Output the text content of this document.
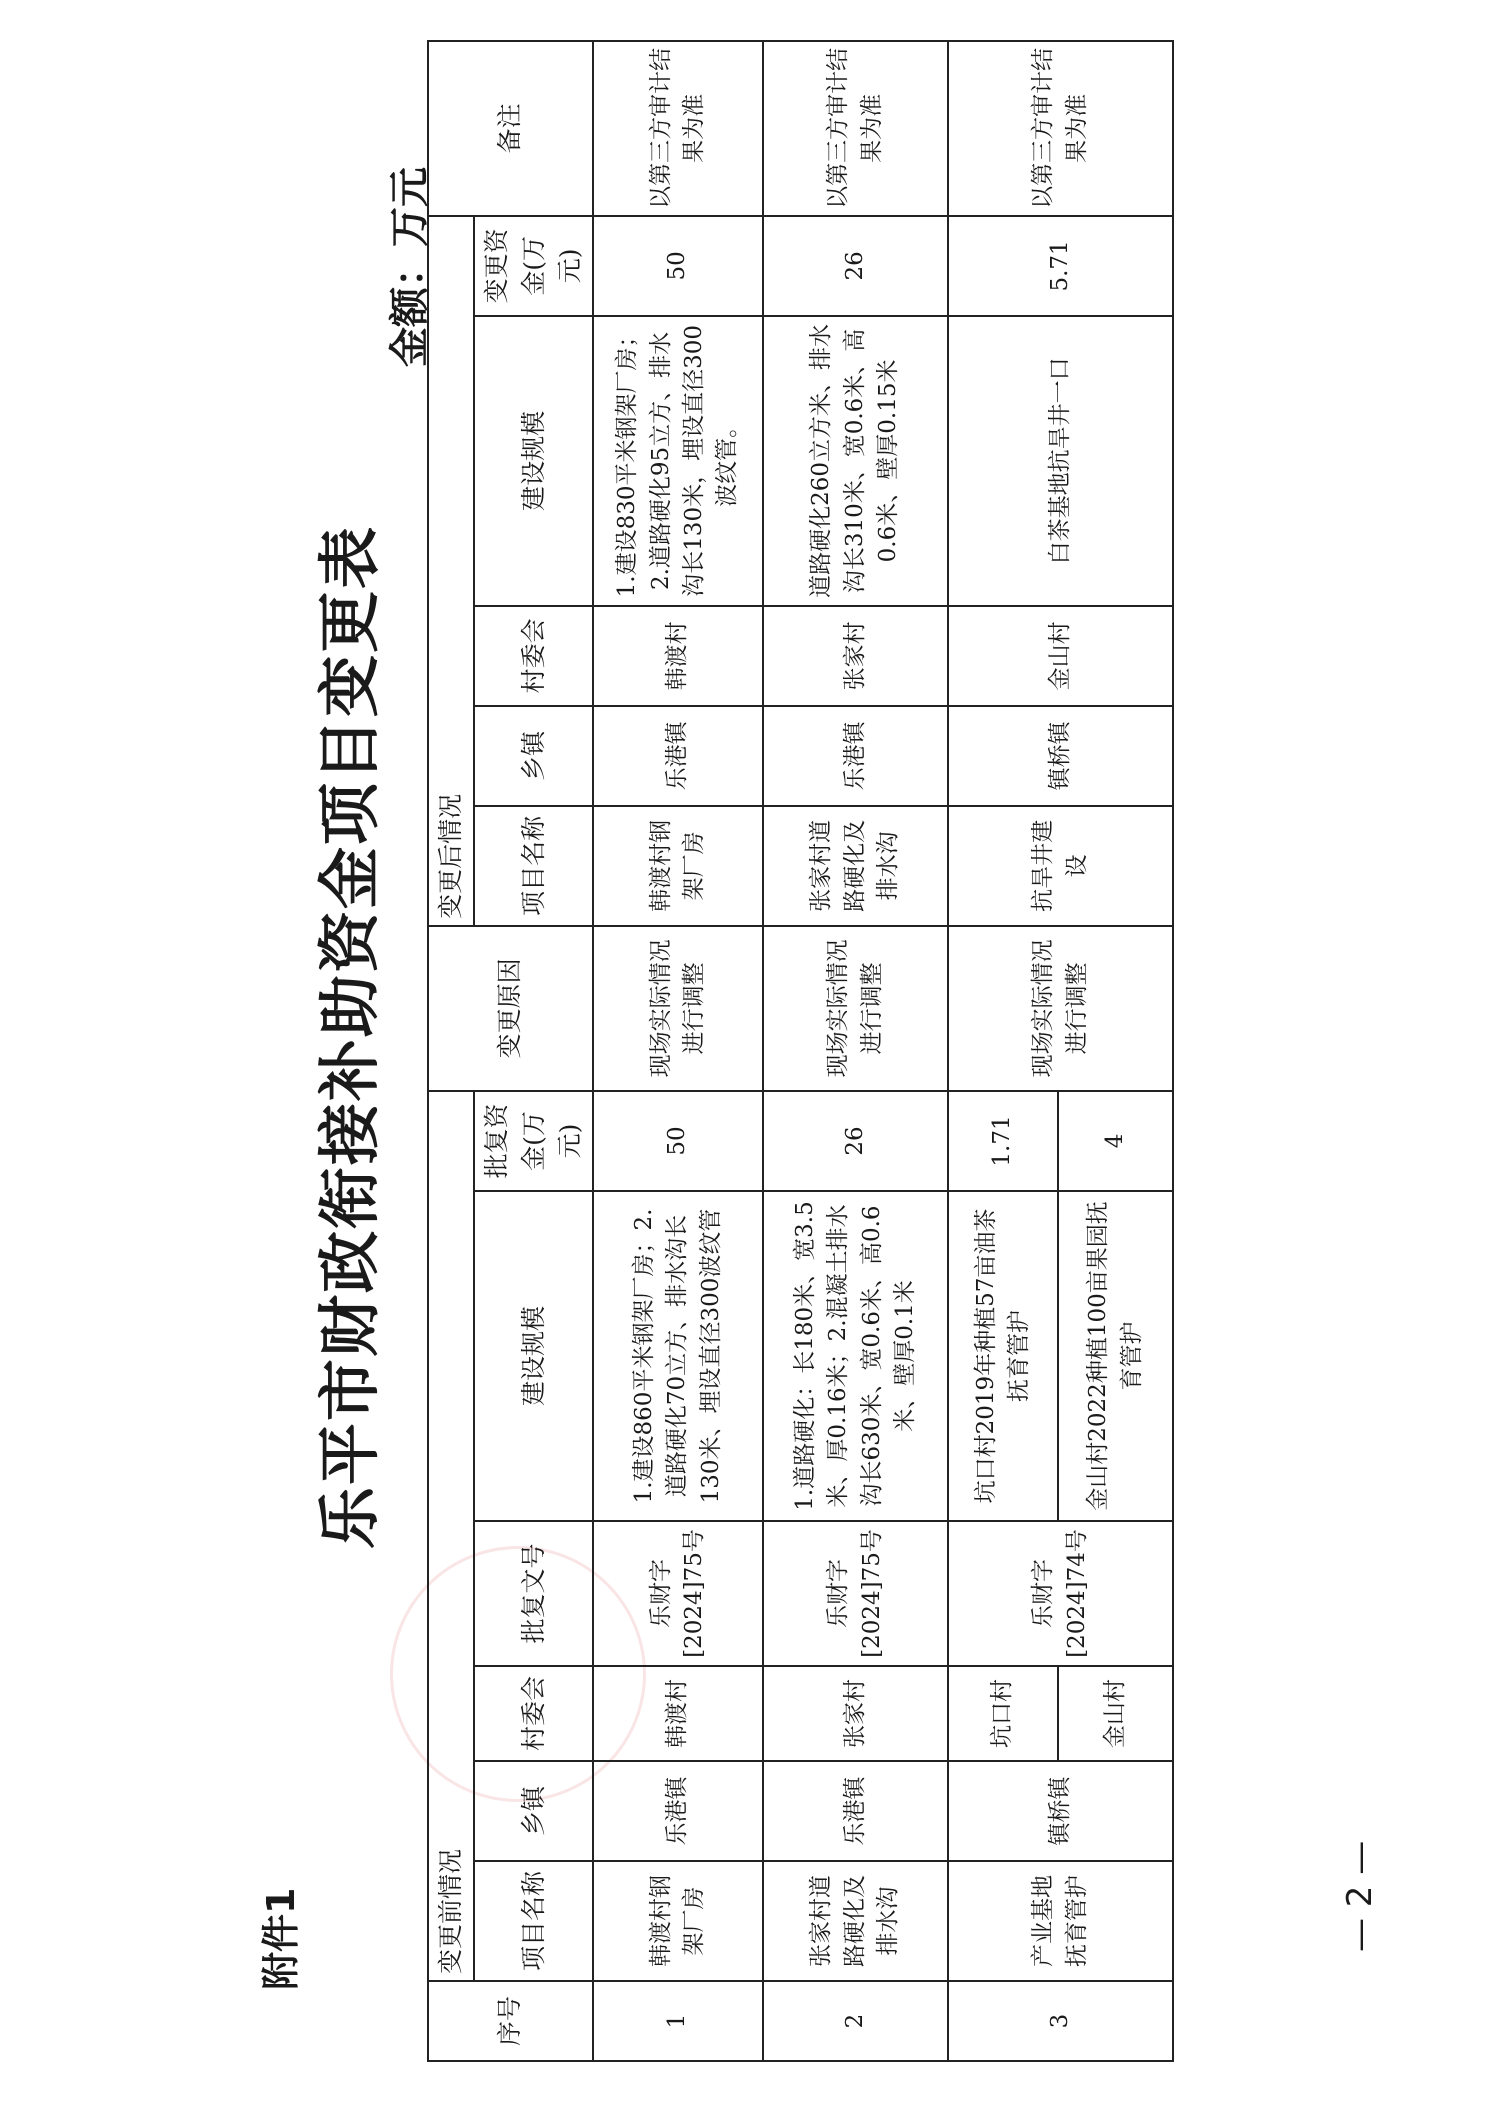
附件1
乐平市财政衔接补助资金项目变更表
金额：万元
序号	变更前情况						变更原因	变更后情况					备注
	项目名称	乡镇	村委会	批复文号	建设规模	批复资金(万元)		项目名称	乡镇	村委会	建设规模	变更资金(万元)	
1	韩渡村钢架厂房	乐港镇	韩渡村	乐财字[2024]75号	1.建设860平米钢架厂房；2.道路硬化70立方、排水沟长130米、埋设直径300波纹管	50	现场实际情况进行调整	韩渡村钢架厂房	乐港镇	韩渡村	1.建设830平米钢架厂房；2.道路硬化95立方、排水沟长130米，埋设直径300波纹管。	50	以第三方审计结果为准
2	张家村道路硬化及排水沟	乐港镇	张家村	乐财字[2024]75号	1.道路硬化：长180米、宽3.5米、厚0.16米；2.混凝土排水沟长630米、宽0.6米、高0.6米、壁厚0.1米	26	现场实际情况进行调整	张家村道路硬化及排水沟	乐港镇	张家村	道路硬化260立方米、排水沟长310米、宽0.6米、高0.6米、壁厚0.15米	26	以第三方审计结果为准
3	产业基地抚育管护	镇桥镇	坑口村	乐财字[2024]74号	坑口村2019年种植57亩油茶抚育管护	1.71	现场实际情况进行调整	抗旱井建设	镇桥镇	金山村	白茶基地抗旱井一口	5.71	以第三方审计结果为准
			金山村		金山村2022种植100亩果园抚育管护	4							
— 2 —
